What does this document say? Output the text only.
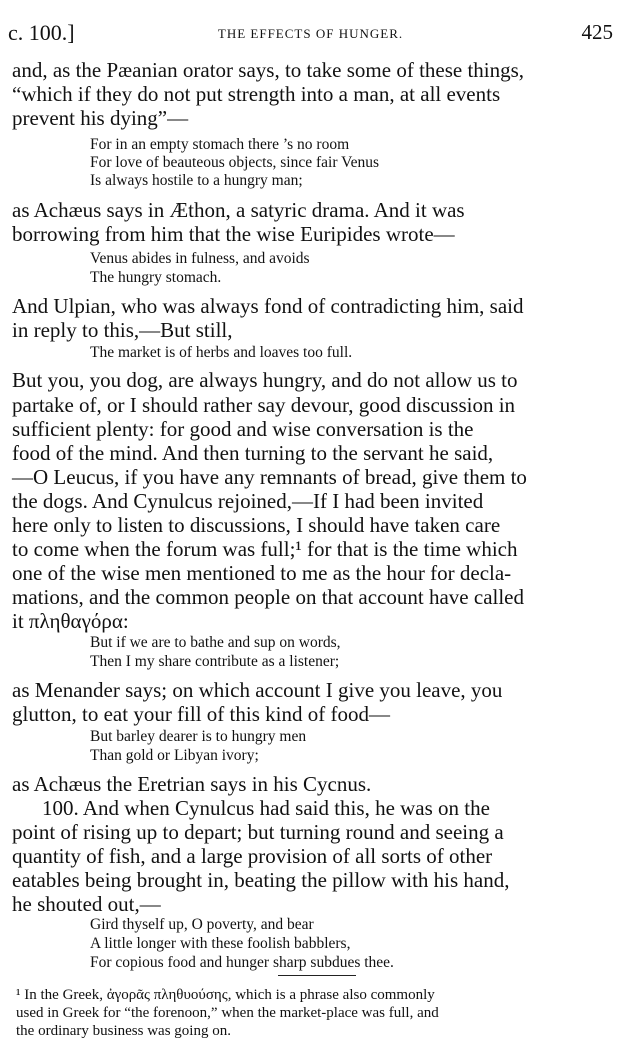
c. 100.]	THE EFFECTS OF HUNGER.	425
and, as the Pæanian orator says, to take some of these things,
“which if they do not put strength into a man, at all events
prevent his dying”—
For in an empty stomach there ’s no room
For love of beauteous objects, since fair Venus
Is always hostile to a hungry man;
as Achæus says in Æthon, a satyric drama. And it was
borrowing from him that the wise Euripides wrote—
Venus abides in fulness, and avoids
The hungry stomach.
And Ulpian, who was always fond of contradicting him, said
in reply to this,—But still,
The market is of herbs and loaves too full.
But you, you dog, are always hungry, and do not allow us to
partake of, or I should rather say devour, good discussion in
sufficient plenty: for good and wise conversation is the
food of the mind. And then turning to the servant he said,
—O Leucus, if you have any remnants of bread, give them to
the dogs. And Cynulcus rejoined,—If I had been invited
here only to listen to discussions, I should have taken care
to come when the forum was full;¹ for that is the time which
one of the wise men mentioned to me as the hour for decla-
mations, and the common people on that account have called
it πληθαγόρα:
But if we are to bathe and sup on words,
Then I my share contribute as a listener;
as Menander says; on which account I give you leave, you
glutton, to eat your fill of this kind of food—
But barley dearer is to hungry men
Than gold or Libyan ivory;
as Achæus the Eretrian says in his Cycnus.
100. And when Cynulcus had said this, he was on the
point of rising up to depart; but turning round and seeing a
quantity of fish, and a large provision of all sorts of other
eatables being brought in, beating the pillow with his hand,
he shouted out,—
Gird thyself up, O poverty, and bear
A little longer with these foolish babblers,
For copious food and hunger sharp subdues thee.
¹ In the Greek, ἀγορᾶς πληθυούσης, which is a phrase also commonly
used in Greek for “the forenoon,” when the market-place was full, and
the ordinary business was going on.
